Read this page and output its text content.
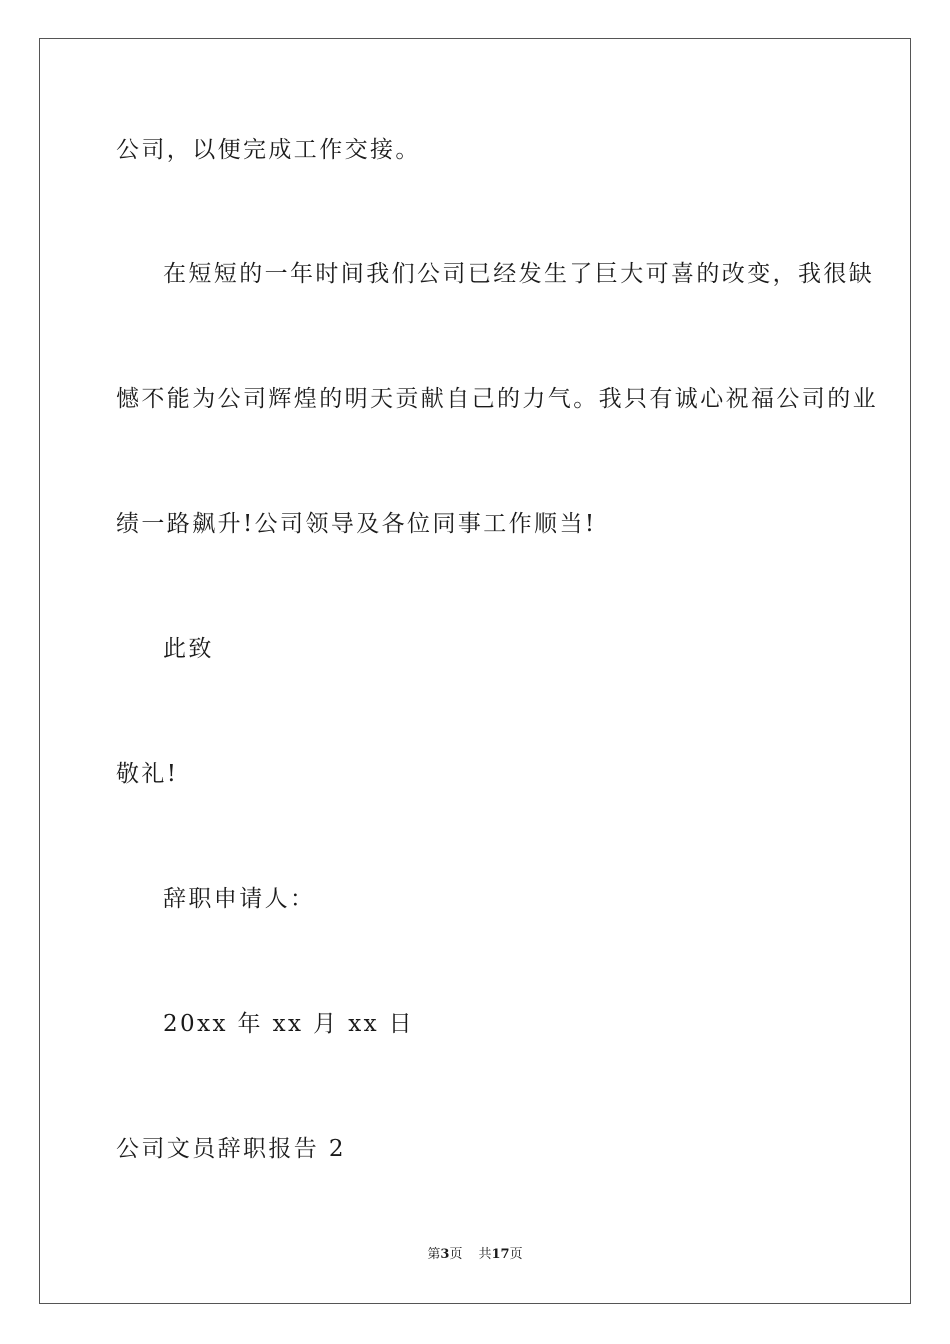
公司，以便完成工作交接。
在短短的一年时间我们公司已经发生了巨大可喜的改变，我很缺
憾不能为公司辉煌的明天贡献自己的力气。我只有诚心祝福公司的业
绩一路飙升!公司领导及各位同事工作顺当!
此致
敬礼!
辞职申请人：
20xx 年 xx 月 xx 日
公司文员辞职报告 2
第3页 共17页
